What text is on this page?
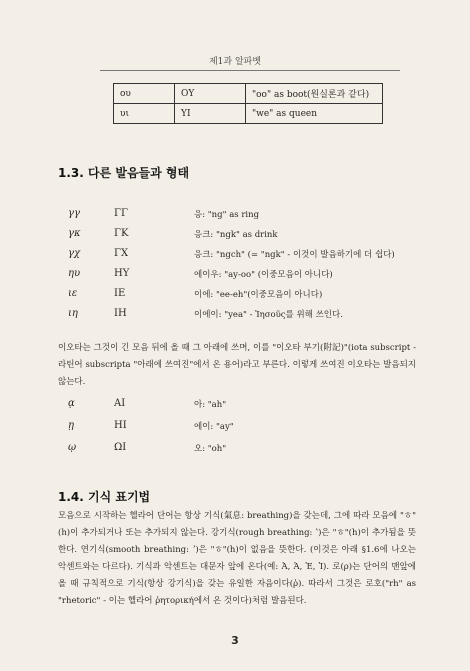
제1과 알파벳
ου	OY	"oo" as boot(원실론과 같다)
υι	YI	"we" as queen
1.3. 다른 발음들과 형태
γγ	ΓΓ	응: "ng" as ring
γκ	ΓΚ	응크: "ngk" as drink
γχ	ΓΧ	응크: "ngch" (= "ngk" - 이것이 발음하기에 더 쉽다)
ηυ	ΗΥ	에이우: "ay-oo" (이중모음이 아니다)
ιε	ΙΕ	이에: "ee-eh"(이중모음이 아니다)
ιη	ΙΗ	이에이: "yea" - Ἰησοῦς를 위해 쓰인다.
이오타는 그것이 긴 모음 뒤에 올 때 그 아래에 쓰며, 이를 "이오타 부기(附記)"(iota subscript - 라틴어 subscripta "아래에 쓰여진"에서 온 용어)라고 부른다. 이렇게 쓰여진 이오타는 발음되지 않는다.
ᾳ	ΑΙ	아: "ah"
ῃ	ΗΙ	에이: "ay"
ῳ	ΩΙ	오: "oh"
1.4. 기식 표기법
모음으로 시작하는 헬라어 단어는 항상 기식(氣息: breathing)을 갖는데, 그에 따라 모음에 "ㅎ"(h)이 추가되거나 또는 추가되지 않는다. 강기식(rough breathing: ʽ)은 "ㅎ"(h)이 추가됨을 뜻한다. 연기식(smooth breathing: ʼ)은 "ㅎ"(h)이 없음을 뜻한다. (이것은 아래 §1.6에 나오는 악센트와는 다르다). 기식과 악센트는 대문자 앞에 온다(예: Ἀ, Ἁ, Ἐ, Ἱ). 로(ρ)는 단어의 맨앞에 올 때 규칙적으로 기식(항상 강기식)을 갖는 유일한 자음이다(ῥ). 따라서 그것은 로호("rh" as "rhetoric" - 이는 헬라어 ῥητορική에서 온 것이다)처럼 발음된다.
3
